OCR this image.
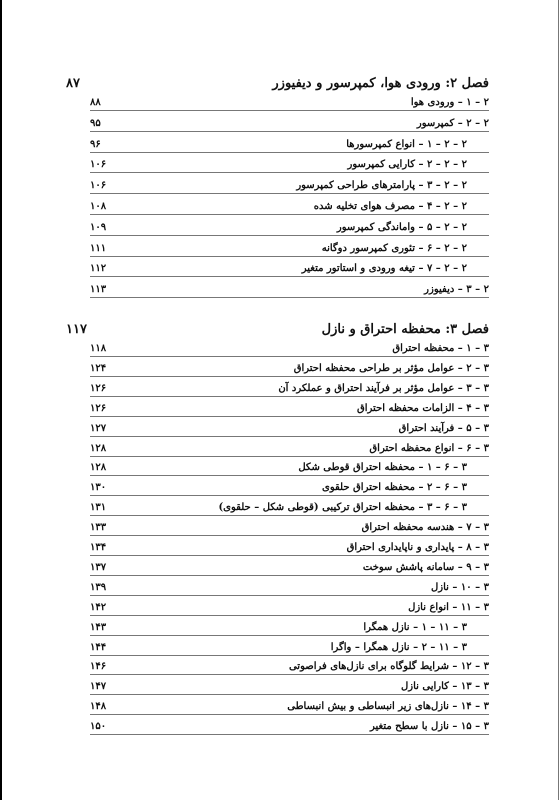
فصل ۲: ورودی هوا، کمپرسور و دیفیوزر
۸۷
۲ – ۱ – ورودی هوا
۸۸
۲ – ۲ – کمپرسور
۹۵
۲ – ۲ – ۱ – انواع کمپرسورها
۹۶
۲ – ۲ – ۲ – کارایی کمپرسور
۱۰۶
۲ – ۲ – ۳ – پارامترهای طراحی کمپرسور
۱۰۶
۲ – ۲ – ۴ – مصرف هوای تخلیه شده
۱۰۸
۲ – ۲ – ۵ – واماندگی کمپرسور
۱۰۹
۲ – ۲ – ۶ – تئوری کمپرسور دوگانه
۱۱۱
۲ – ۲ – ۷ – تیغه ورودی و استاتور متغیر
۱۱۲
۲ – ۳ – دیفیوزر
۱۱۳
فصل ۳: محفظه احتراق و نازل
۱۱۷
۳ – ۱ – محفظه احتراق
۱۱۸
۳ – ۲ – عوامل مؤثر بر طراحی محفظه احتراق
۱۲۴
۳ – ۳ – عوامل مؤثر بر فرآیند احتراق و عملکرد آن
۱۲۶
۳ – ۴ – الزامات محفظه احتراق
۱۲۶
۳ – ۵ – فرآیند احتراق
۱۲۷
۳ – ۶ – انواع محفظه احتراق
۱۲۸
۳ – ۶ – ۱ – محفظه احتراق قوطی شکل
۱۲۸
۳ – ۶ – ۲ – محفظه احتراق حلقوی
۱۳۰
۳ – ۶ – ۳ – محفظه احتراق ترکیبی (قوطی شکل – حلقوی)
۱۳۱
۳ – ۷ – هندسه محفظه احتراق
۱۳۳
۳ – ۸ – پایداری و ناپایداری احتراق
۱۳۴
۳ – ۹ – سامانه پاشش سوخت
۱۳۷
۳ – ۱۰ – نازل
۱۳۹
۳ – ۱۱ – انواع نازل
۱۴۲
۳ – ۱۱ – ۱ – نازل همگرا
۱۴۳
۳ – ۱۱ – ۲ – نازل همگرا – واگرا
۱۴۴
۳ – ۱۲ – شرایط گلوگاه برای نازل‌های فراصوتی
۱۴۶
۳ – ۱۳ – کارایی نازل
۱۴۷
۳ – ۱۴ – نازل‌های زیر انبساطی و بیش انبساطی
۱۴۸
۳ – ۱۵ – نازل با سطح متغیر
۱۵۰
